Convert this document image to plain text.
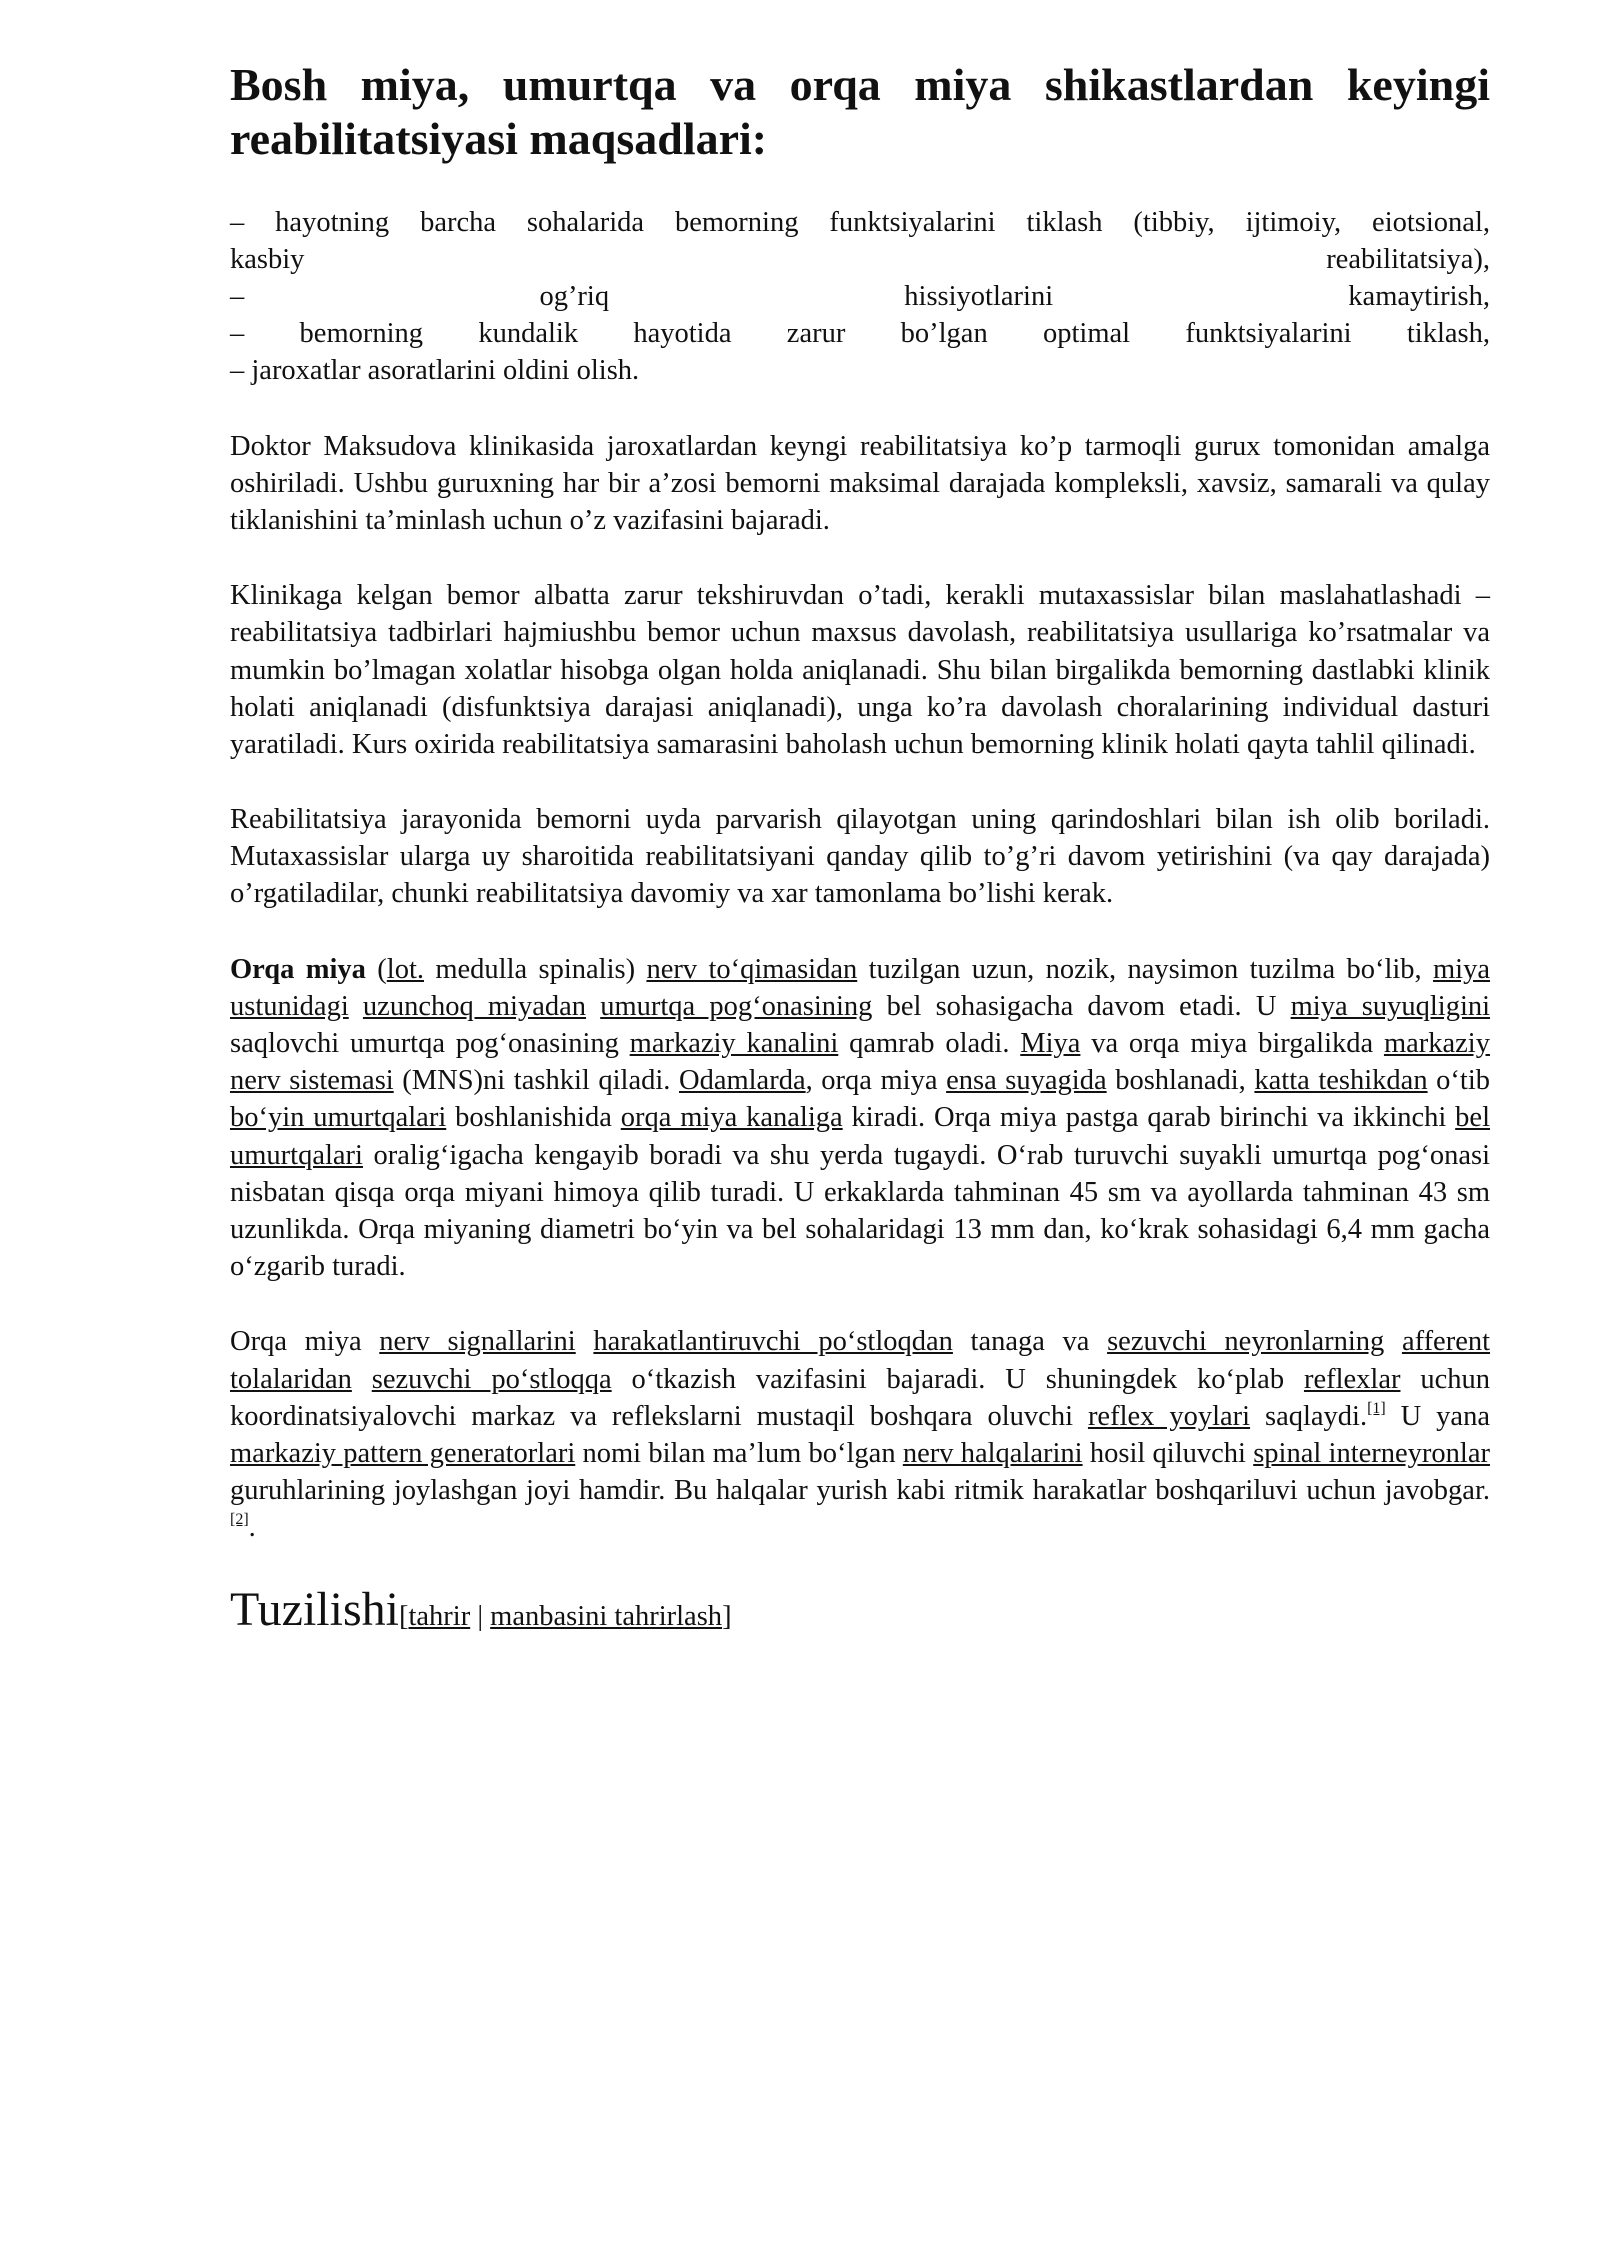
Bosh miya, umurtqa va orqa miya shikastlardan keyingi reabilitatsiyasi maqsadlari:
– hayotning barcha sohalarida bemorning funktsiyalarini tiklash (tibbiy, ijtimoiy, eiotsional,
kasbiy reabilitatsiya),
– og’riq hissiyotlarini kamaytirish,
– bemorning kundalik hayotida zarur bo’lgan optimal funktsiyalarini tiklash,
– jaroxatlar asoratlarini oldini olish.

Doktor Maksudova klinikasida jaroxatlardan keyngi reabilitatsiya ko’p tarmoqli gurux tomonidan amalga oshiriladi. Ushbu guruxning har bir a’zosi bemorni maksimal darajada kompleksli, xavsiz, samarali va qulay tiklanishini ta’minlash uchun o’z vazifasini bajaradi.

Klinikaga kelgan bemor albatta zarur tekshiruvdan o’tadi, kerakli mutaxassislar bilan maslahatlashadi – reabilitatsiya tadbirlari hajmiushbu bemor uchun maxsus davolash, reabilitatsiya usullariga ko’rsatmalar va mumkin bo’lmagan xolatlar hisobga olgan holda aniqlanadi. Shu bilan birgalikda bemorning dastlabki klinik holati aniqlanadi (disfunktsiya darajasi aniqlanadi), unga ko’ra davolash choralarining individual dasturi yaratiladi. Kurs oxirida reabilitatsiya samarasini baholash uchun bemorning klinik holati qayta tahlil qilinadi.

Reabilitatsiya jarayonida bemorni uyda parvarish qilayotgan uning qarindoshlari bilan ish olib boriladi. Mutaxassislar ularga uy sharoitida reabilitatsiyani qanday qilib to’g’ri davom yetirishini (va qay darajada) o’rgatiladilar, chunki reabilitatsiya davomiy va xar tamonlama bo’lishi kerak.

Orqa miya (lot. medulla spinalis) nerv to‘qimasidan tuzilgan uzun, nozik, naysimon tuzilma bo‘lib, miya ustunidagi uzunchoq miyadan umurtqa pog‘onasining bel sohasigacha davom etadi. U miya suyuqligini saqlovchi umurtqa pog‘onasining markaziy kanalini qamrab oladi. Miya va orqa miya birgalikda markaziy nerv sistemasi (MNS)ni tashkil qiladi. Odamlarda, orqa miya ensa suyagida boshlanadi, katta teshikdan o‘tib bo‘yin umurtqalari boshlanishida orqa miya kanaliga kiradi. Orqa miya pastga qarab birinchi va ikkinchi bel umurtqalari oralig‘igacha kengayib boradi va shu yerda tugaydi. O‘rab turuvchi suyakli umurtqa pog‘onasi nisbatan qisqa orqa miyani himoya qilib turadi. U erkaklarda tahminan 45 sm va ayollarda tahminan 43 sm uzunlikda. Orqa miyaning diametri bo‘yin va bel sohalaridagi 13 mm dan, ko‘krak sohasidagi 6,4 mm gacha o‘zgarib turadi.

Orqa miya nerv signallarini harakatlantiruvchi po‘stloqdan tanaga va sezuvchi neyronlarning afferent tolalaridan sezuvchi po‘stloqqa o‘tkazish vazifasini bajaradi. U shuningdek ko‘plab reflexlar uchun koordinatsiyalovchi markaz va reflekslarni mustaqil boshqara oluvchi reflex yoylari saqlaydi.[1] U yana markaziy pattern generatorlari nomi bilan ma’lum bo‘lgan nerv halqalarini hosil qiluvchi spinal interneyronlar guruhlarining joylashgan joyi hamdir. Bu halqalar yurish kabi ritmik harakatlar boshqariluvi uchun javobgar.[2].

Tuzilishi[tahrir | manbasini tahrirlash]
